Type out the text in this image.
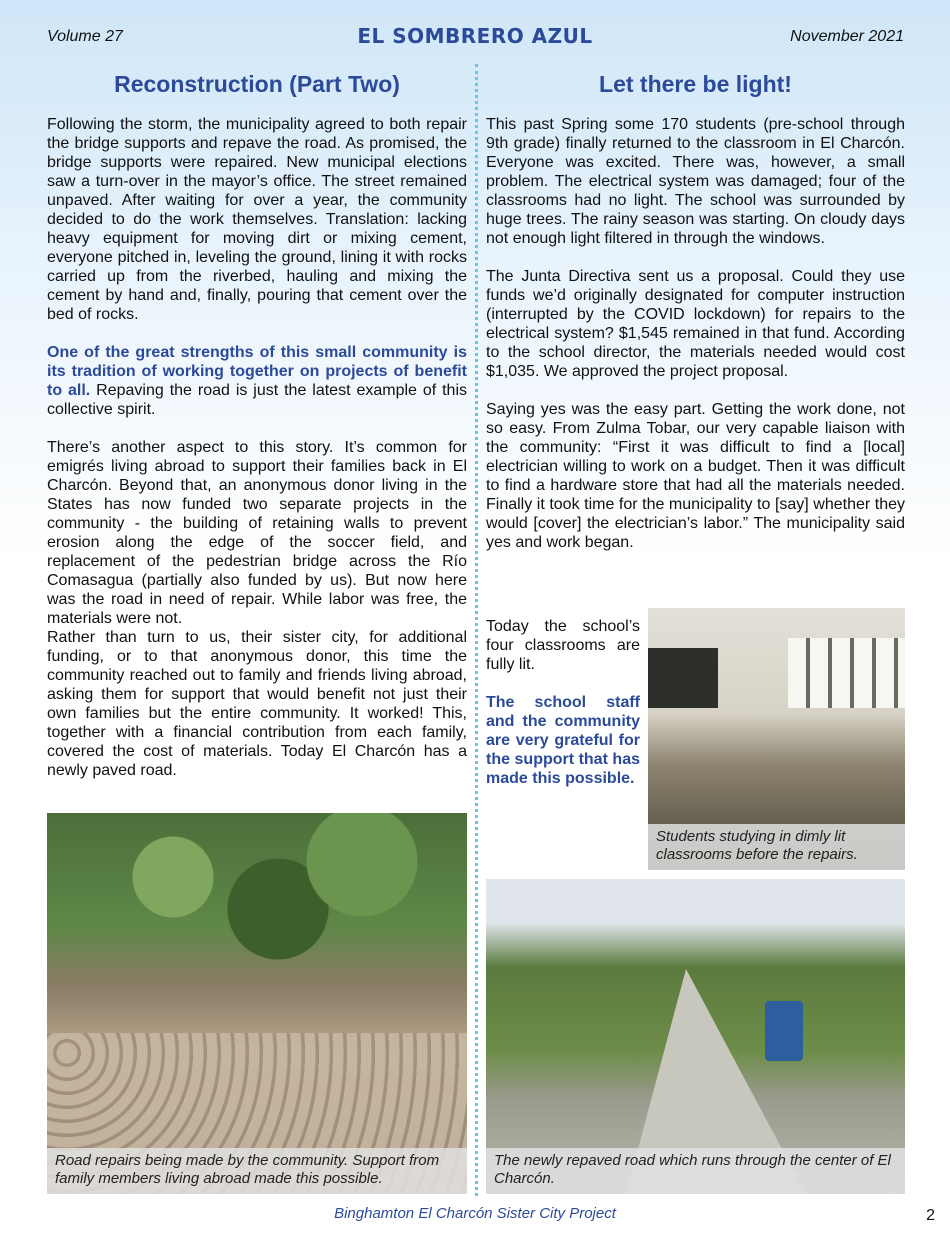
Volume 27	EL SOMBRERO AZUL	November 2021
Reconstruction (Part Two)

Following the storm, the municipality agreed to both repair the bridge supports and repave the road. As promised, the bridge supports were repaired. New municipal elections saw a turn-over in the mayor’s office. The street remained unpaved. After waiting for over a year, the community decided to do the work themselves. Translation: lacking heavy equipment for moving dirt or mixing cement, everyone pitched in, leveling the ground, lining it with rocks carried up from the riverbed, hauling and mixing the cement by hand and, finally, pouring that cement over the bed of rocks.

One of the great strengths of this small community is its tradition of working together on projects of benefit to all. Repaving the road is just the latest example of this collective spirit.

There’s another aspect to this story. It’s common for emigrés living abroad to support their families back in El Charcón. Beyond that, an anonymous donor living in the States has now funded two separate projects in the community - the building of retaining walls to prevent erosion along the edge of the soccer field, and replacement of the pedestrian bridge across the Río Comasagua (partially also funded by us). But now here was the road in need of repair. While labor was free, the materials were not.

Rather than turn to us, their sister city, for additional funding, or to that anonymous donor, this time the community reached out to family and friends living abroad, asking them for support that would benefit not just their own families but the entire community. It worked! This, together with a financial contribution from each family, covered the cost of materials. Today El Charcón has a newly paved road.

Road repairs being made by the community. Support from family members living abroad made this possible.
Let there be light!

This past Spring some 170 students (pre-school through 9th grade) finally returned to the classroom in El Charcón. Everyone was excited. There was, however, a small problem. The electrical system was damaged; four of the classrooms had no light. The school was surrounded by huge trees. The rainy season was starting. On cloudy days not enough light filtered in through the windows.

The Junta Directiva sent us a proposal. Could they use funds we’d originally designated for computer instruction (interrupted by the COVID lockdown) for repairs to the electrical system? $1,545 remained in that fund. According to the school director, the materials needed would cost $1,035. We approved the project proposal.

Saying yes was the easy part. Getting the work done, not so easy. From Zulma Tobar, our very capable liaison with the community: “First it was difficult to find a [local] electrician willing to work on a budget. Then it was difficult to find a hardware store that had all the materials needed. Finally it took time for the municipality to [say] whether they would [cover] the electrician’s labor.” The municipality said yes and work began.

Today the school’s four classrooms are fully lit.

The school staff and the community are very grateful for the support that has made this possible.

Students studying in dimly lit classrooms before the repairs.
The newly repaved road which runs through the center of El Charcón.
Binghamton El Charcón Sister City Project	2
